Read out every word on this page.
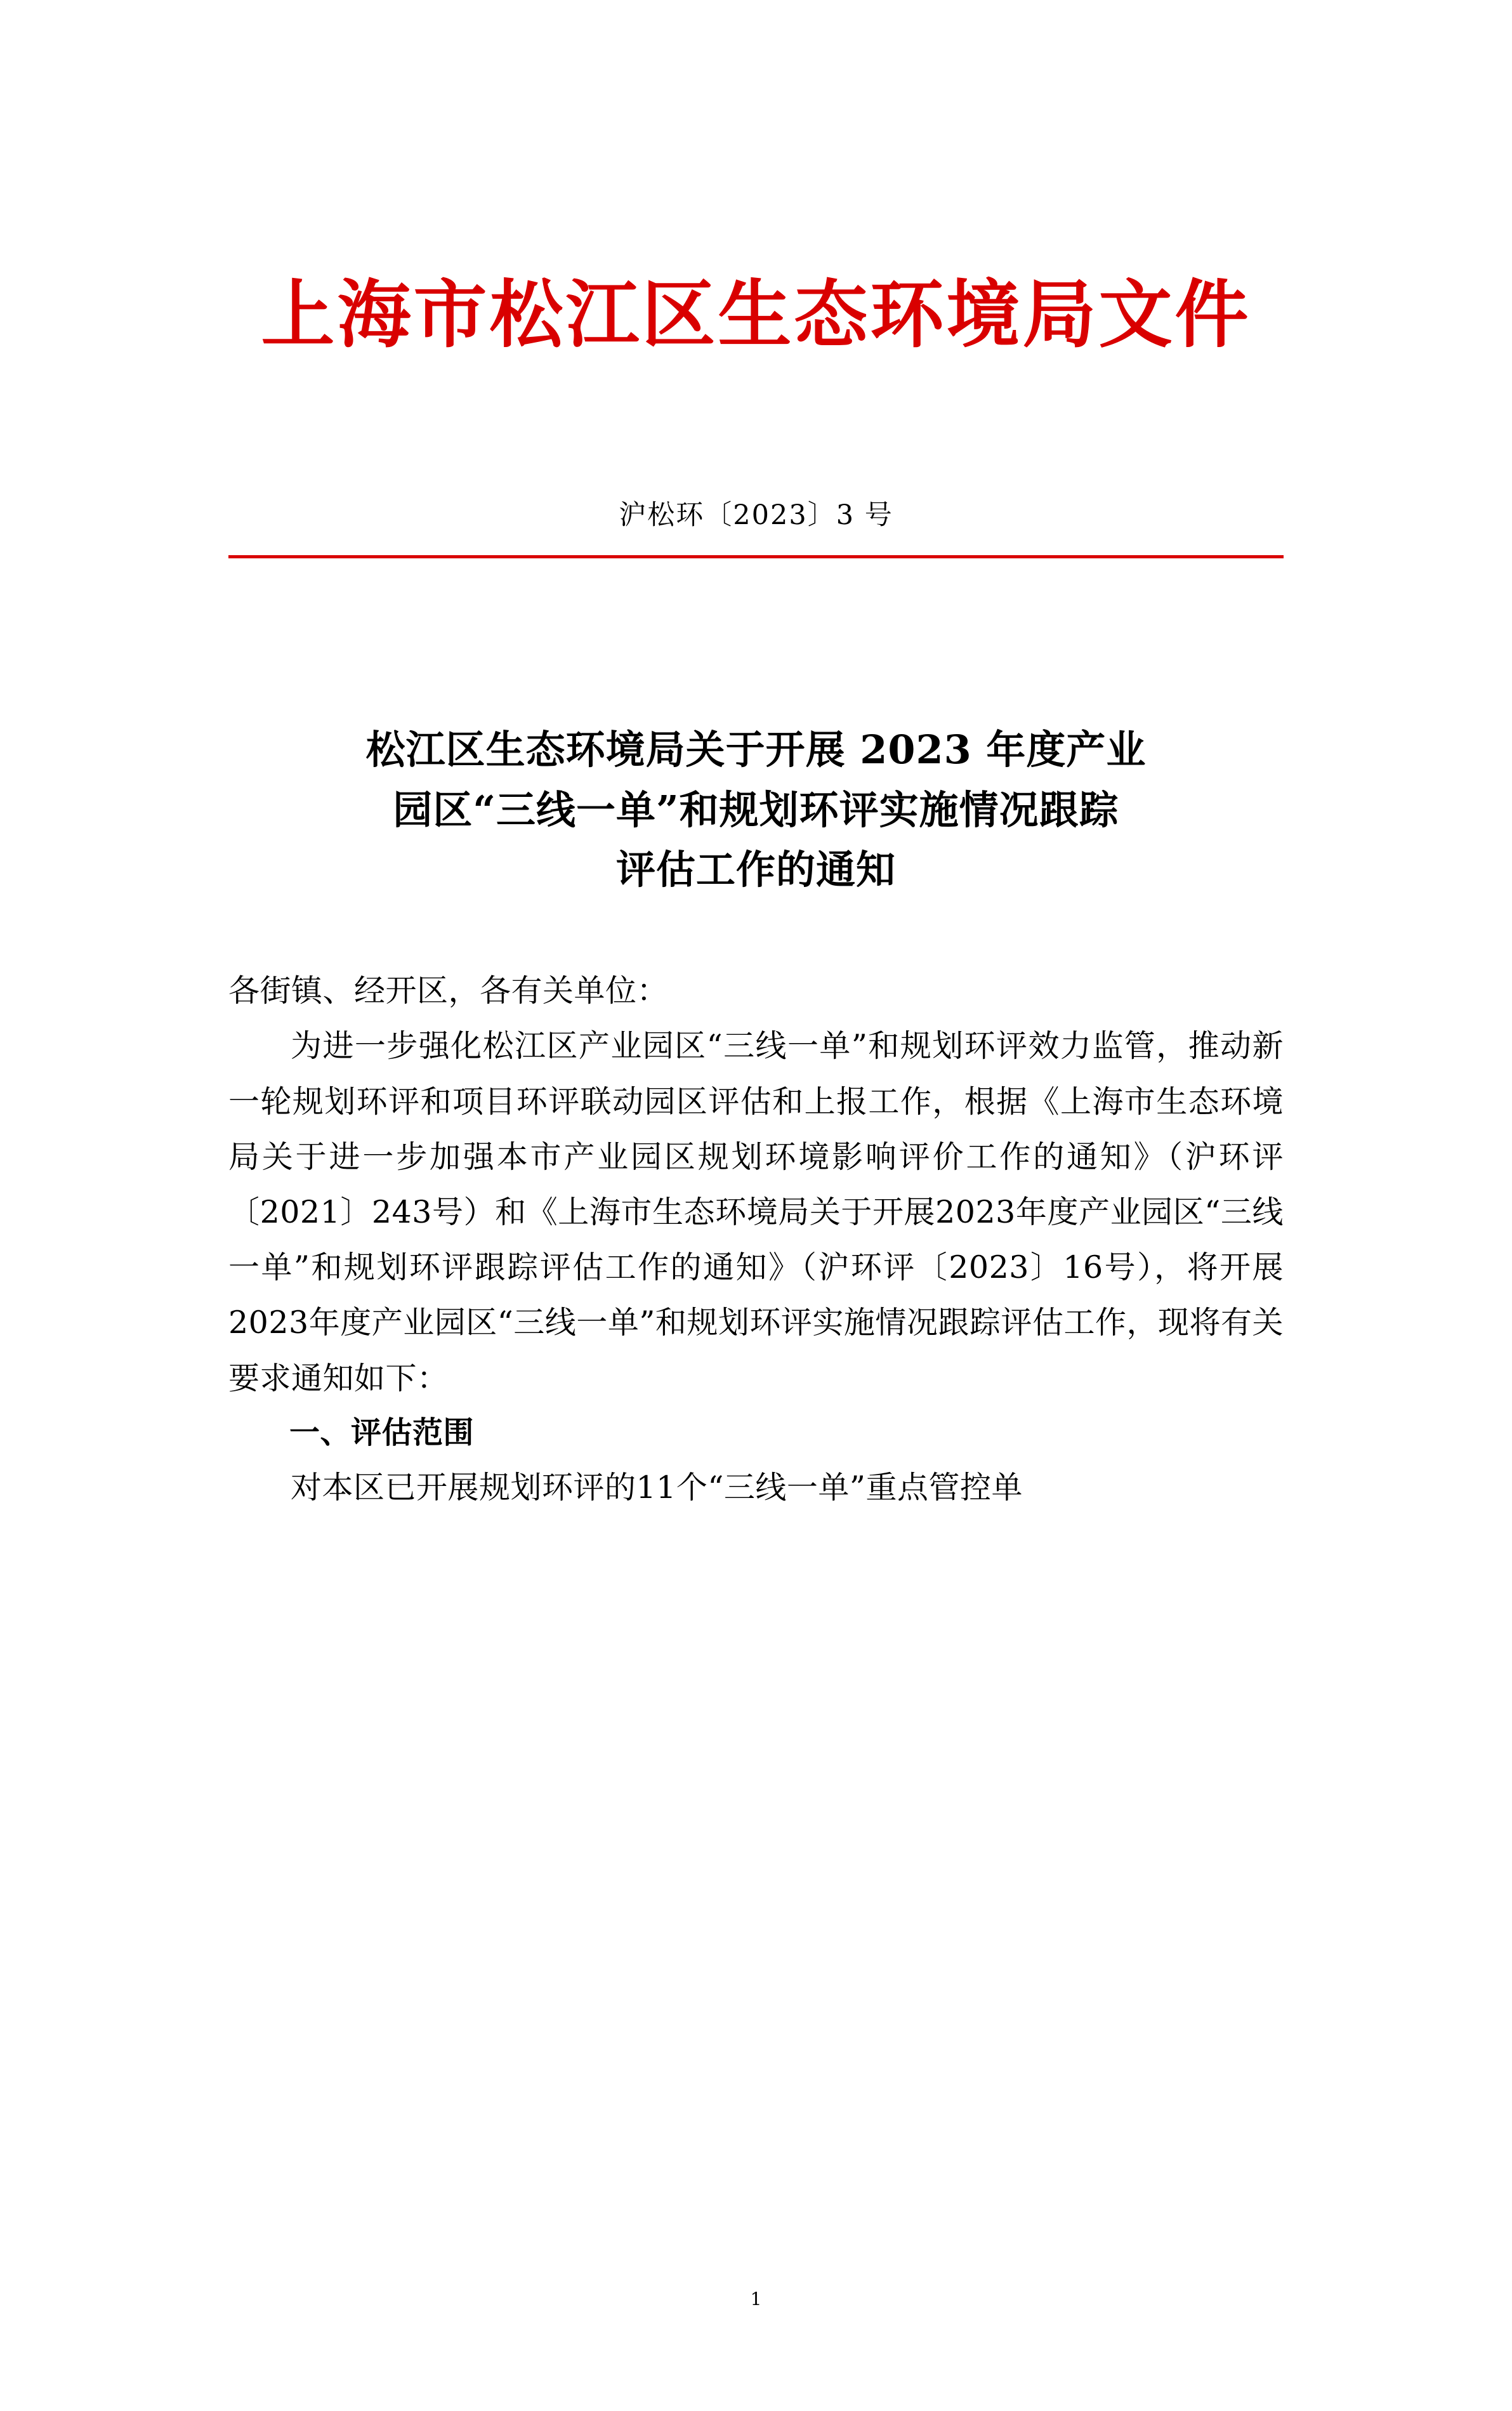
上海市松江区生态环境局文件
沪松环〔2023〕3 号
松江区生态环境局关于开展 2023 年度产业
园区“三线一单”和规划环评实施情况跟踪
评估工作的通知

各街镇、经开区，各有关单位：

为进一步强化松江区产业园区“三线一单”和规划环评效力监管，推动新一轮规划环评和项目环评联动园区评估和上报工作，根据《上海市生态环境局关于进一步加强本市产业园区规划环境影响评价工作的通知》（沪环评〔2021〕243号）和《上海市生态环境局关于开展2023年度产业园区“三线一单”和规划环评跟踪评估工作的通知》（沪环评〔2023〕16号），将开展2023年度产业园区“三线一单”和规划环评实施情况跟踪评估工作，现将有关要求通知如下：

一、评估范围

对本区已开展规划环评的11个“三线一单”重点管控单

1
